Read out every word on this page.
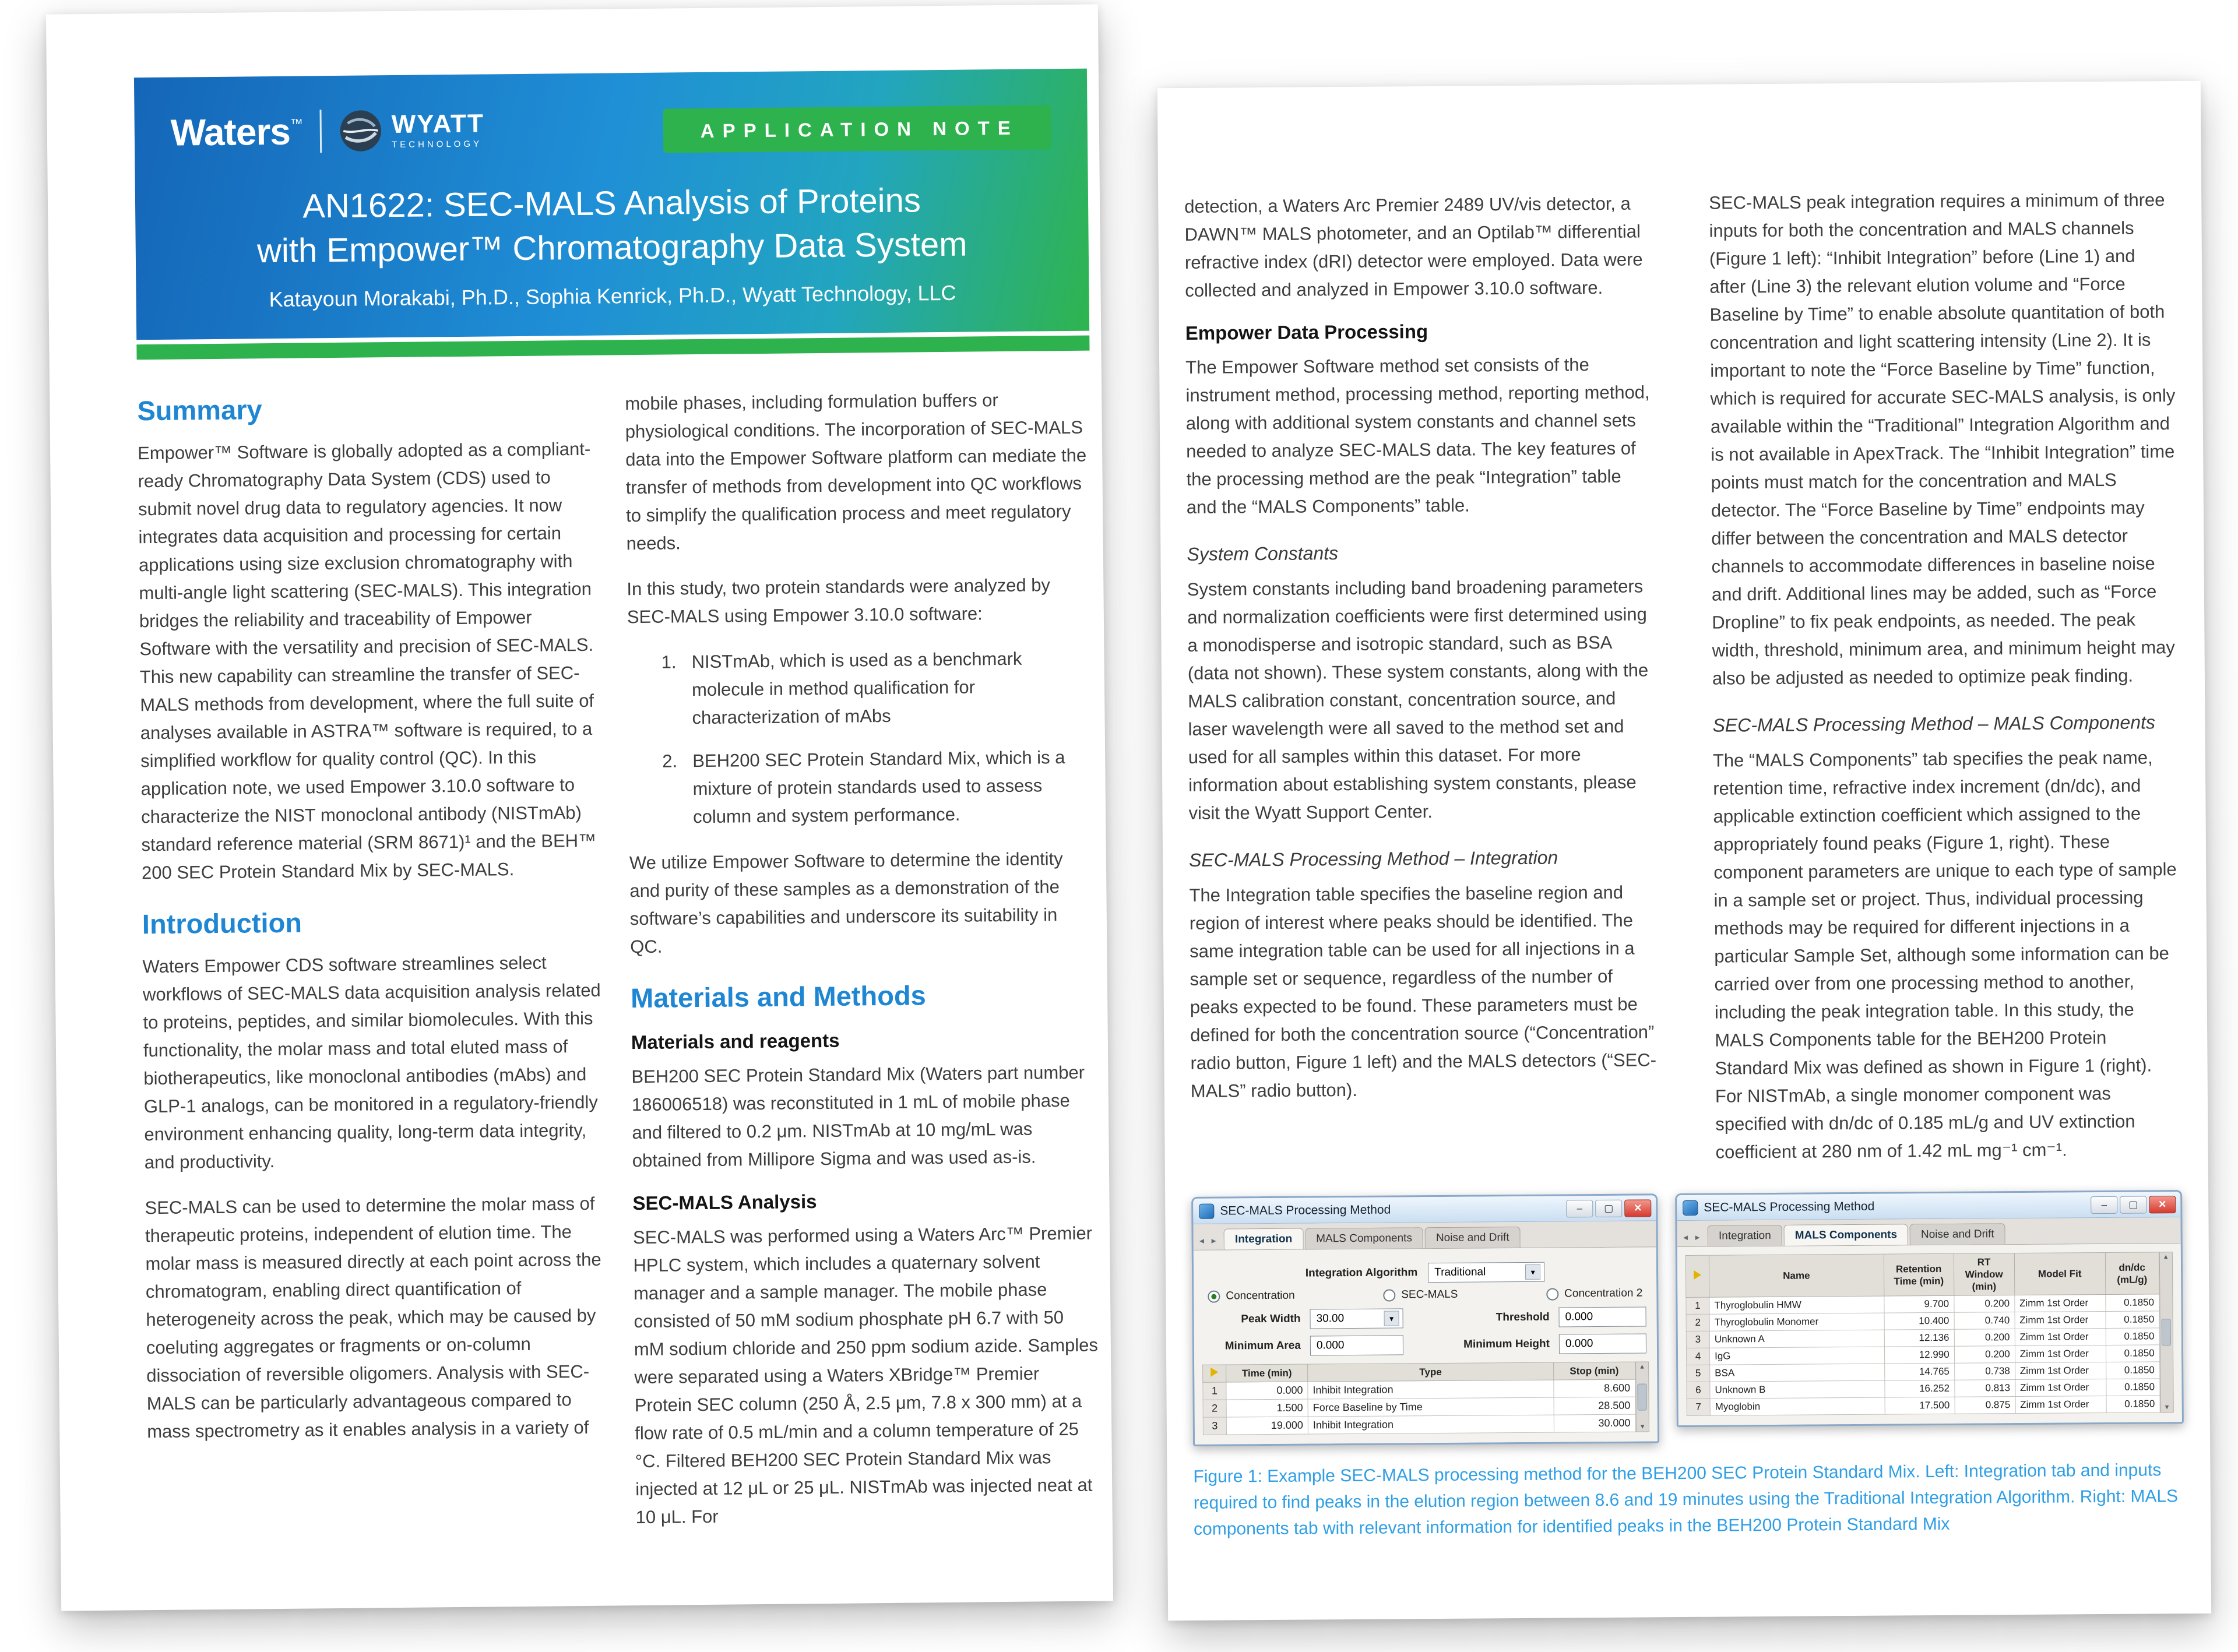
Waters™	WYATT
TECHNOLOGY
APPLICATION NOTE
AN1622: SEC-MALS Analysis of Proteins
with Empower™ Chromatography Data System
Katayoun Morakabi, Ph.D., Sophia Kenrick, Ph.D., Wyatt Technology, LLC
Summary

Empower™ Software is globally adopted as a compliant-ready Chromatography Data System (CDS) used to submit novel drug data to regulatory agencies. It now integrates data acquisition and processing for certain applications using size exclusion chromatography with multi-angle light scattering (SEC-MALS). This integration bridges the reliability and traceability of Empower Software with the versatility and precision of SEC-MALS. This new capability can streamline the transfer of SEC-MALS methods from development, where the full suite of analyses available in ASTRA™ software is required, to a simplified workflow for quality control (QC). In this application note, we used Empower 3.10.0 software to characterize the NIST monoclonal antibody (NISTmAb) standard reference material (SRM 8671)¹ and the BEH™ 200 SEC Protein Standard Mix by SEC-MALS.

Introduction

Waters Empower CDS software streamlines select workflows of SEC-MALS data acquisition analysis related to proteins, peptides, and similar biomolecules. With this functionality, the molar mass and total eluted mass of biotherapeutics, like monoclonal antibodies (mAbs) and GLP-1 analogs, can be monitored in a regulatory-friendly environment enhancing quality, long-term data integrity, and productivity.

SEC-MALS can be used to determine the molar mass of therapeutic proteins, independent of elution time. The molar mass is measured directly at each point across the chromatogram, enabling direct quantification of heterogeneity across the peak, which may be caused by coeluting aggregates or fragments or on-column dissociation of reversible oligomers. Analysis with SEC-MALS can be particularly advantageous compared to mass spectrometry as it enables analysis in a variety of

mobile phases, including formulation buffers or physiological conditions. The incorporation of SEC-MALS data into the Empower Software platform can mediate the transfer of methods from development into QC workflows to simplify the qualification process and meet regulatory needs.

In this study, two protein standards were analyzed by SEC-MALS using Empower 3.10.0 software:

1. NISTmAb, which is used as a benchmark molecule in method qualification for characterization of mAbs
2. BEH200 SEC Protein Standard Mix, which is a mixture of protein standards used to assess column and system performance.

We utilize Empower Software to determine the identity and purity of these samples as a demonstration of the software’s capabilities and underscore its suitability in QC.

Materials and Methods
Materials and reagents

BEH200 SEC Protein Standard Mix (Waters part number 186006518) was reconstituted in 1 mL of mobile phase and filtered to 0.2 μm. NISTmAb at 10 mg/mL was obtained from Millipore Sigma and was used as-is.

SEC-MALS Analysis

SEC-MALS was performed using a Waters Arc™ Premier HPLC system, which includes a quaternary solvent manager and a sample manager. The mobile phase consisted of 50 mM sodium phosphate pH 6.7 with 50 mM sodium chloride and 250 ppm sodium azide. Samples were separated using a Waters XBridge™ Premier Protein SEC column (250 Å, 2.5 μm, 7.8 x 300 mm) at a flow rate of 0.5 mL/min and a column temperature of 25 °C. Filtered BEH200 SEC Protein Standard Mix was injected at 12 μL or 25 μL. NISTmAb was injected neat at 10 μL. For

detection, a Waters Arc Premier 2489 UV/vis detector, a DAWN™ MALS photometer, and an Optilab™ differential refractive index (dRI) detector were employed. Data were collected and analyzed in Empower 3.10.0 software.

Empower Data Processing

The Empower Software method set consists of the instrument method, processing method, reporting method, along with additional system constants and channel sets needed to analyze SEC-MALS data. The key features of the processing method are the peak “Integration” table and the “MALS Components” table.

System Constants

System constants including band broadening parameters and normalization coefficients were first determined using a monodisperse and isotropic standard, such as BSA (data not shown). These system constants, along with the MALS calibration constant, concentration source, and laser wavelength were all saved to the method set and used for all samples within this dataset. For more information about establishing system constants, please visit the Wyatt Support Center.

SEC-MALS Processing Method – Integration

The Integration table specifies the baseline region and region of interest where peaks should be identified. The same integration table can be used for all injections in a sample set or sequence, regardless of the number of peaks expected to be found. These parameters must be defined for both the concentration source (“Concentration” radio button, Figure 1 left) and the MALS detectors (“SEC-MALS” radio button).

SEC-MALS peak integration requires a minimum of three inputs for both the concentration and MALS channels (Figure 1 left): “Inhibit Integration” before (Line 1) and after (Line 3) the relevant elution volume and “Force Baseline by Time” to enable absolute quantitation of both concentration and light scattering intensity (Line 2). It is important to note the “Force Baseline by Time” function, which is required for accurate SEC-MALS analysis, is only available within the “Traditional” Integration Algorithm and is not available in ApexTrack. The “Inhibit Integration” time points must match for the concentration and MALS detector. The “Force Baseline by Time” endpoints may differ between the concentration and MALS detector channels to accommodate differences in baseline noise and drift. Additional lines may be added, such as “Force Dropline” to fix peak endpoints, as needed. The peak width, threshold, minimum area, and minimum height may also be adjusted as needed to optimize peak finding.

SEC-MALS Processing Method – MALS Components

The “MALS Components” tab specifies the peak name, retention time, refractive index increment (dn/dc), and applicable extinction coefficient which assigned to the appropriately found peaks (Figure 1, right). These component parameters are unique to each type of sample in a sample set or project. Thus, individual processing methods may be required for different injections in a particular Sample Set, although some information can be carried over from one processing method to another, including the peak integration table. In this study, the MALS Components table for the BEH200 Protein Standard Mix was defined as shown in Figure 1 (right). For NISTmAb, a single monomer component was specified with dn/dc of 0.185 mL/g and UV extinction coefficient at 280 nm of 1.42 mL mg⁻¹ cm⁻¹.

SEC-MALS Processing Method	–	▢	✕
◄ ►	Integration	MALS Components	Noise and Drift
Integration Algorithm Traditional	▾
Concentration	SEC-MALS	Concentration 2
Peak Width 30.00	▾	Threshold	0.000
Minimum Area	0.000	Minimum Height	0.000
	Time (min)	Type	Stop (min)
1	0.000	Inhibit Integration	8.600
2	1.500	Force Baseline by Time	28.500
3	19.000	Inhibit Integration	30.000
▲
▼
SEC-MALS Processing Method	–	▢	✕
◄ ►	Integration	MALS Components	Noise and Drift
	Name	Retention Time (min)	RT Window (min)	Model Fit	dn/dc (mL/g)
1	Thyroglobulin HMW	9.700	0.200	Zimm 1st Order	0.1850
2	Thyroglobulin Monomer	10.400	0.740	Zimm 1st Order	0.1850
3	Unknown A	12.136	0.200	Zimm 1st Order	0.1850
4	IgG	12.990	0.200	Zimm 1st Order	0.1850
5	BSA	14.765	0.738	Zimm 1st Order	0.1850
6	Unknown B	16.252	0.813	Zimm 1st Order	0.1850
7	Myoglobin	17.500	0.875	Zimm 1st Order	0.1850
▲
▼

Figure 1: Example SEC-MALS processing method for the BEH200 SEC Protein Standard Mix. Left: Integration tab and inputs required to find peaks in the elution region between 8.6 and 19 minutes using the Traditional Integration Algorithm. Right: MALS components tab with relevant information for identified peaks in the BEH200 Protein Standard Mix
